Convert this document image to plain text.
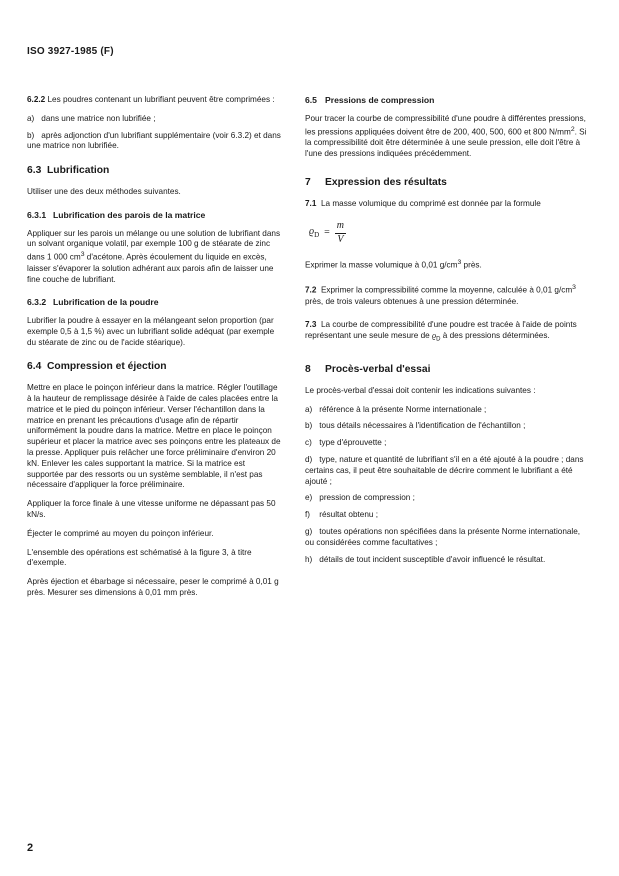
ISO 3927-1985 (F)

6.2.2 Les poudres contenant un lubrifiant peuvent être comprimées :

a) dans une matrice non lubrifiée ;

b) après adjonction d'un lubrifiant supplémentaire (voir 6.3.2) et dans une matrice non lubrifiée.

6.3 Lubrification

Utiliser une des deux méthodes suivantes.

6.3.1 Lubrification des parois de la matrice

Appliquer sur les parois un mélange ou une solution de lubrifiant dans un solvant organique volatil, par exemple 100 g de stéarate de zinc dans 1 000 $cm^3$ d'acétone. Après écoulement du liquide en excès, laisser s'évaporer la solution adhérant aux parois afin de laisser une fine couche de lubrifiant.

6.3.2 Lubrification de la poudre

Lubrifier la poudre à essayer en la mélangeant selon proportion (par exemple 0,5 à 1,5 %) avec un lubrifiant solide adéquat (par exemple du stéarate de zinc ou de l'acide stéarique).

6.4 Compression et éjection

Mettre en place le poinçon inférieur dans la matrice. Régler l'outillage à la hauteur de remplissage désirée à l'aide de cales placées entre la matrice et le pied du poinçon inférieur. Verser l'échantillon dans la matrice en prenant les précautions d'usage afin de répartir uniformément la poudre dans la matrice. Mettre en place le poinçon supérieur et placer la matrice avec ses poinçons entre les plateaux de la presse. Appliquer puis relâcher une force préliminaire d'environ 20 kN. Enlever les cales supportant la matrice. Si la matrice est supportée par des ressorts ou un système semblable, il n'est pas nécessaire d'appliquer la force préliminaire.

Appliquer la force finale à une vitesse uniforme ne dépassant pas 50 kN/s.

Éjecter le comprimé au moyen du poinçon inférieur.

L'ensemble des opérations est schématisé à la figure 3, à titre d'exemple.

Après éjection et ébarbage si nécessaire, peser le comprimé à 0,01 g près. Mesurer ses dimensions à 0,01 mm près.

6.5 Pressions de compression

Pour tracer la courbe de compressibilité d'une poudre à différentes pressions, les pressions appliquées doivent être de 200, 400, 500, 600 et 800 $N/mm^2$. Si la compressibilité doit être déterminée à une seule pression, elle doit l'être à l'une des pressions indiquées précédemment.

7 Expression des résultats

7.1 La masse volumique du comprimé est donnée par la formule

$ϱ_D = \frac{m}{V}$

Exprimer la masse volumique à 0,01 $g/cm^3$ près.

7.2 Exprimer la compressibilité comme la moyenne, calculée à 0,01 $g/cm^3$ près, de trois valeurs obtenues à une pression déterminée.

7.3 La courbe de compressibilité d'une poudre est tracée à l'aide de points représentant une seule mesure de $ϱ_D$ à des pressions déterminées.

8 Procès-verbal d'essai

Le procès-verbal d'essai doit contenir les indications suivantes :

a) référence à la présente Norme internationale ;

b) tous détails nécessaires à l'identification de l'échantillon ;

c) type d'éprouvette ;

d) type, nature et quantité de lubrifiant s'il en a été ajouté à la poudre ; dans certains cas, il peut être souhaitable de décrire comment le lubrifiant a été ajouté ;

e) pression de compression ;

f) résultat obtenu ;

g) toutes opérations non spécifiées dans la présente Norme internationale, ou considérées comme facultatives ;

h) détails de tout incident susceptible d'avoir influencé le résultat.

2
